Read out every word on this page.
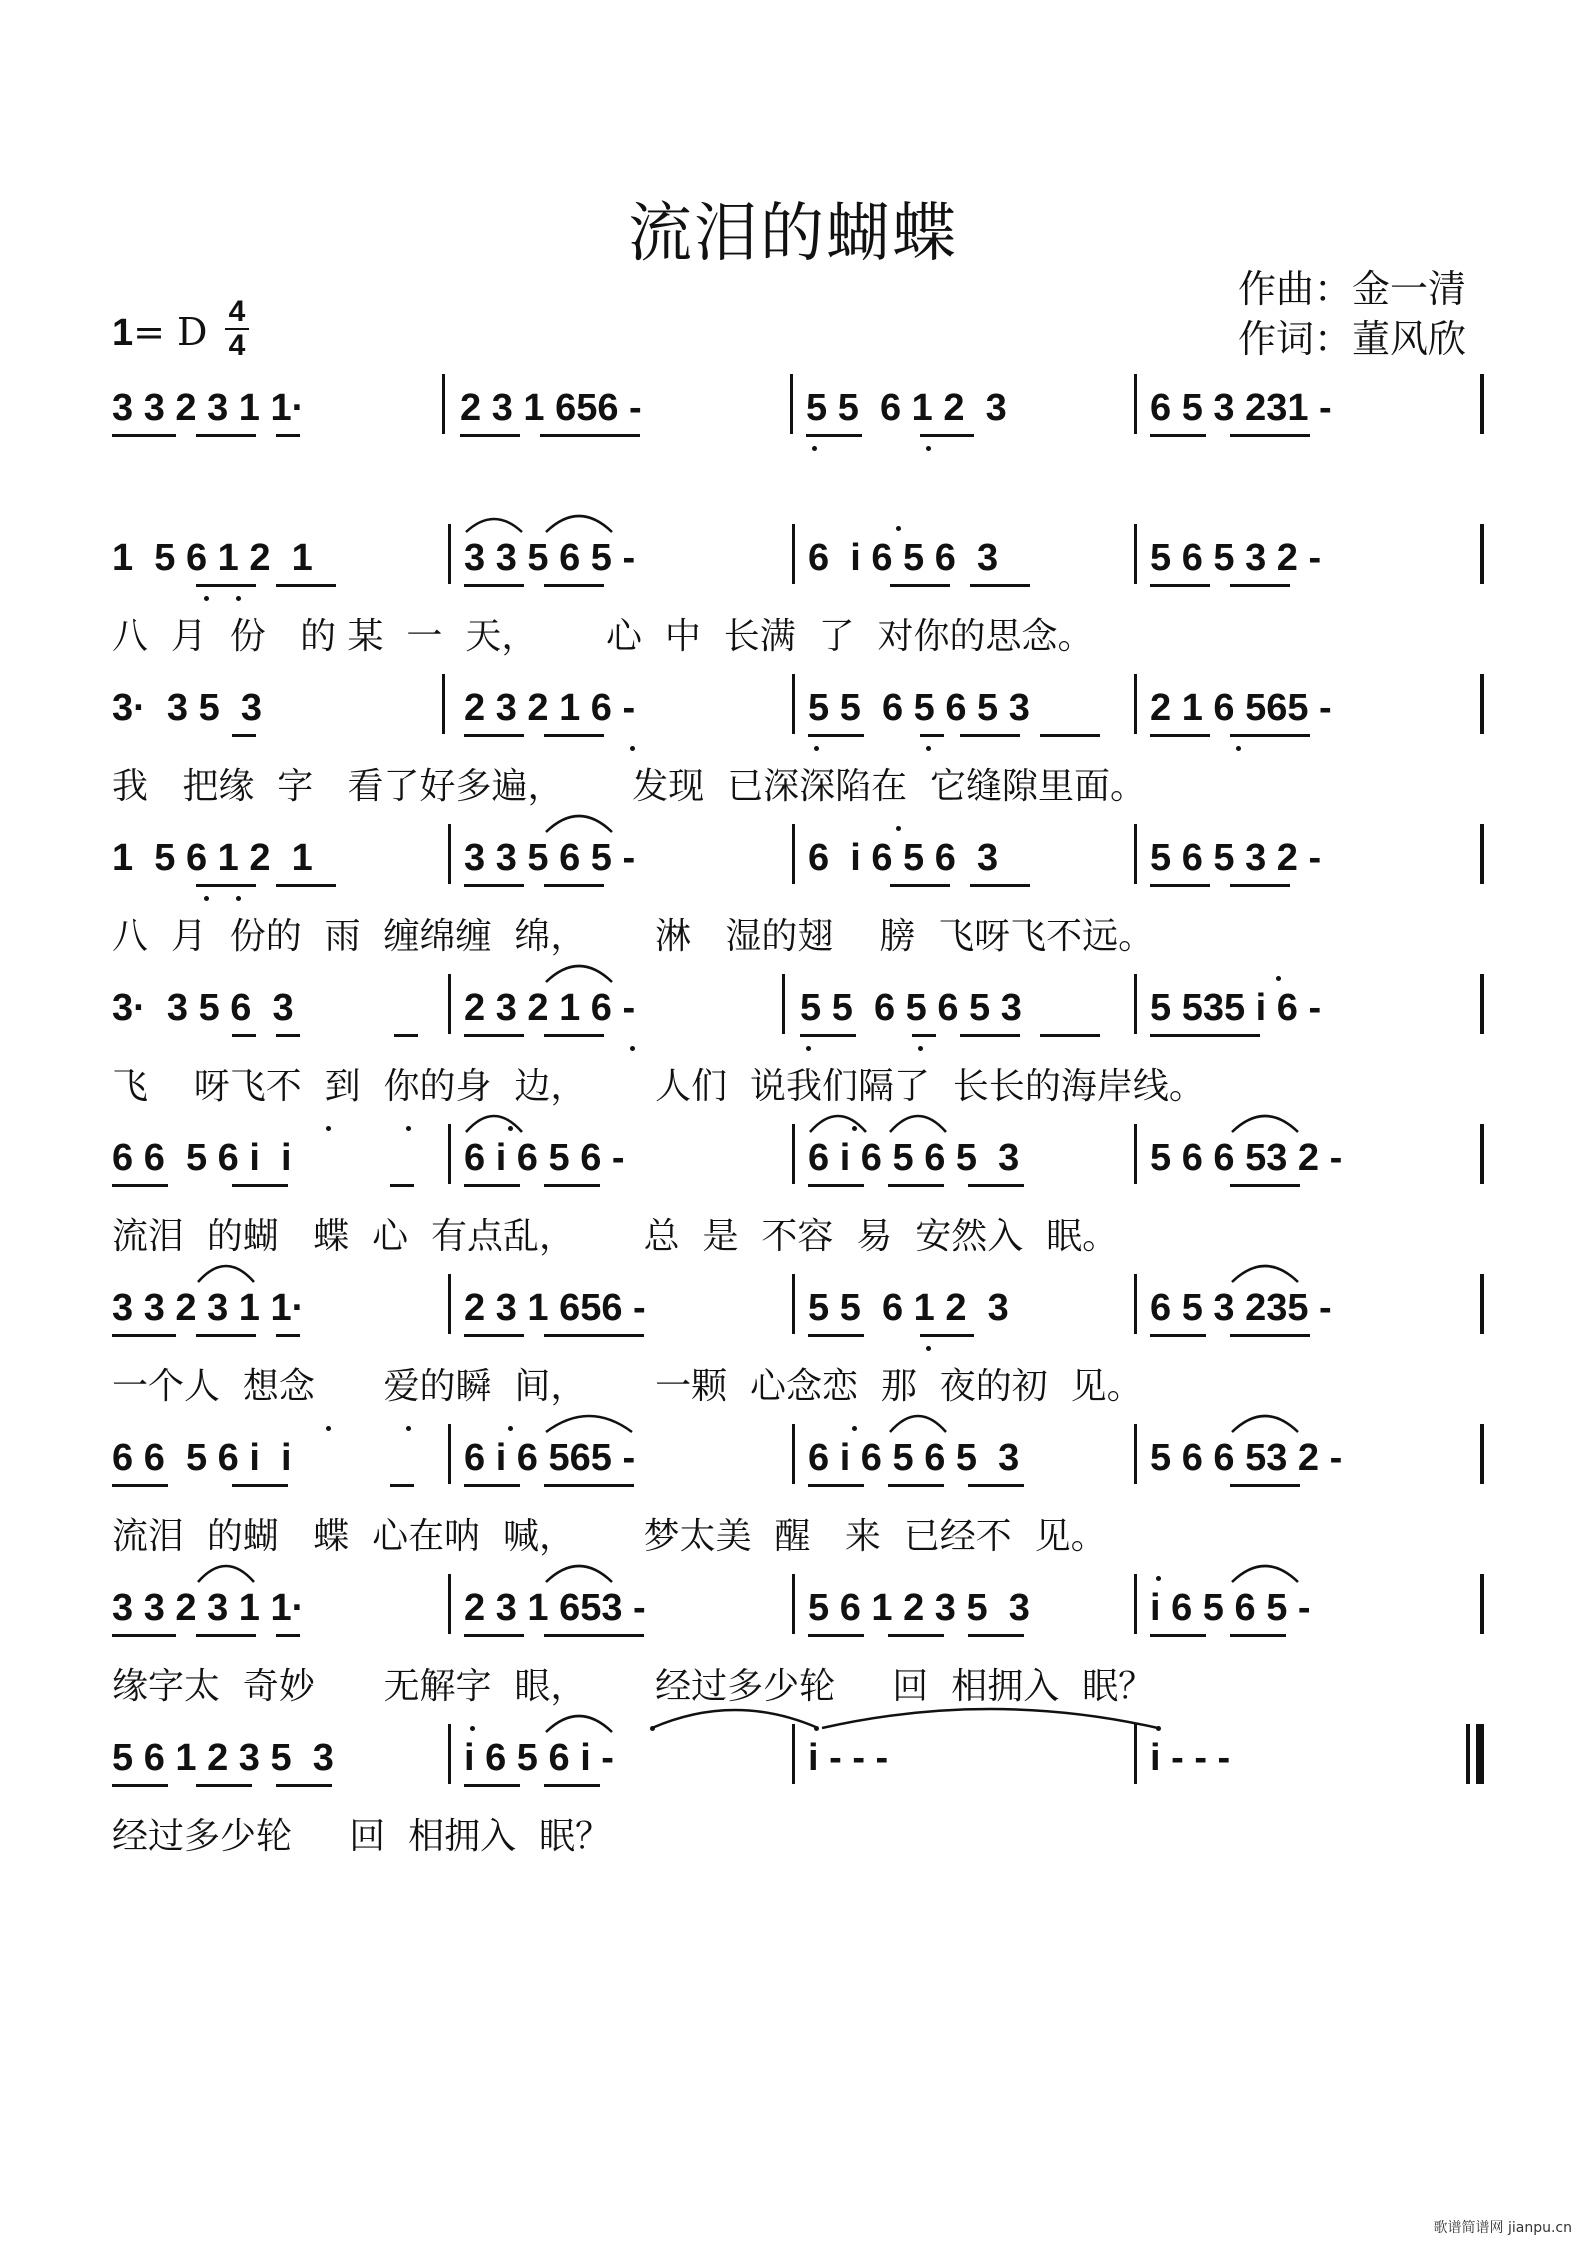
流泪的蝴蝶
作曲：金一清
作词：董风欣
1= D 4
4
3 3 2 3 1 1·	2 3 1 656 -	5 5  6 1 2  3	6 5 3 231 -
1  5 6 1 2  1	3 3 5 6 5 -	6  i 6 5 6  3	5 6 5 3 2 -
八  月  份   的 某  一  天，      心  中  长满  了  对你的思念。
3·  3 5  3	2 3 2 1 6 -	5 5  6 5 6 5 3	2 1 6 565 -
我   把缘  字   看了好多遍，      发现  已深深陷在  它缝隙里面。
1  5 6 1 2  1	3 3 5 6 5 -	6  i 6 5 6  3	5 6 5 3 2 -
八  月  份的  雨  缠绵缠  绵，      淋   湿的翅    膀  飞呀飞不远。
3·  3 5 6  3	2 3 2 1 6 -	5 5  6 5 6 5 3	5 535 i 6 -
飞    呀飞不  到  你的身  边，      人们  说我们隔了  长长的海岸线。
6 6  5 6 i  i	6 i 6 5 6 -	6 i 6 5 6 5  3	5 6 6 53 2 -
流泪  的蝴   蝶  心  有点乱，      总  是  不容  易  安然入  眠。
3 3 2 3 1 1·	2 3 1 656 -	5 5  6 1 2  3	6 5 3 235 -
一个人  想念      爱的瞬  间，      一颗  心念恋  那  夜的初  见。
6 6  5 6 i  i	6 i 6 565 -	6 i 6 5 6 5  3	5 6 6 53 2 -
流泪  的蝴   蝶  心在呐  喊，      梦太美  醒   来  已经不  见。
3 3 2 3 1 1·	2 3 1 653 -	5 6 1 2 3 5  3	i 6 5 6 5 -
缘字太  奇妙      无解字  眼，      经过多少轮     回  相拥入  眠？
5 6 1 2 3 5  3	i 6 5 6 i -	i - - -	i - - -
经过多少轮     回  相拥入  眠？
歌谱简谱网 jianpu.cn
